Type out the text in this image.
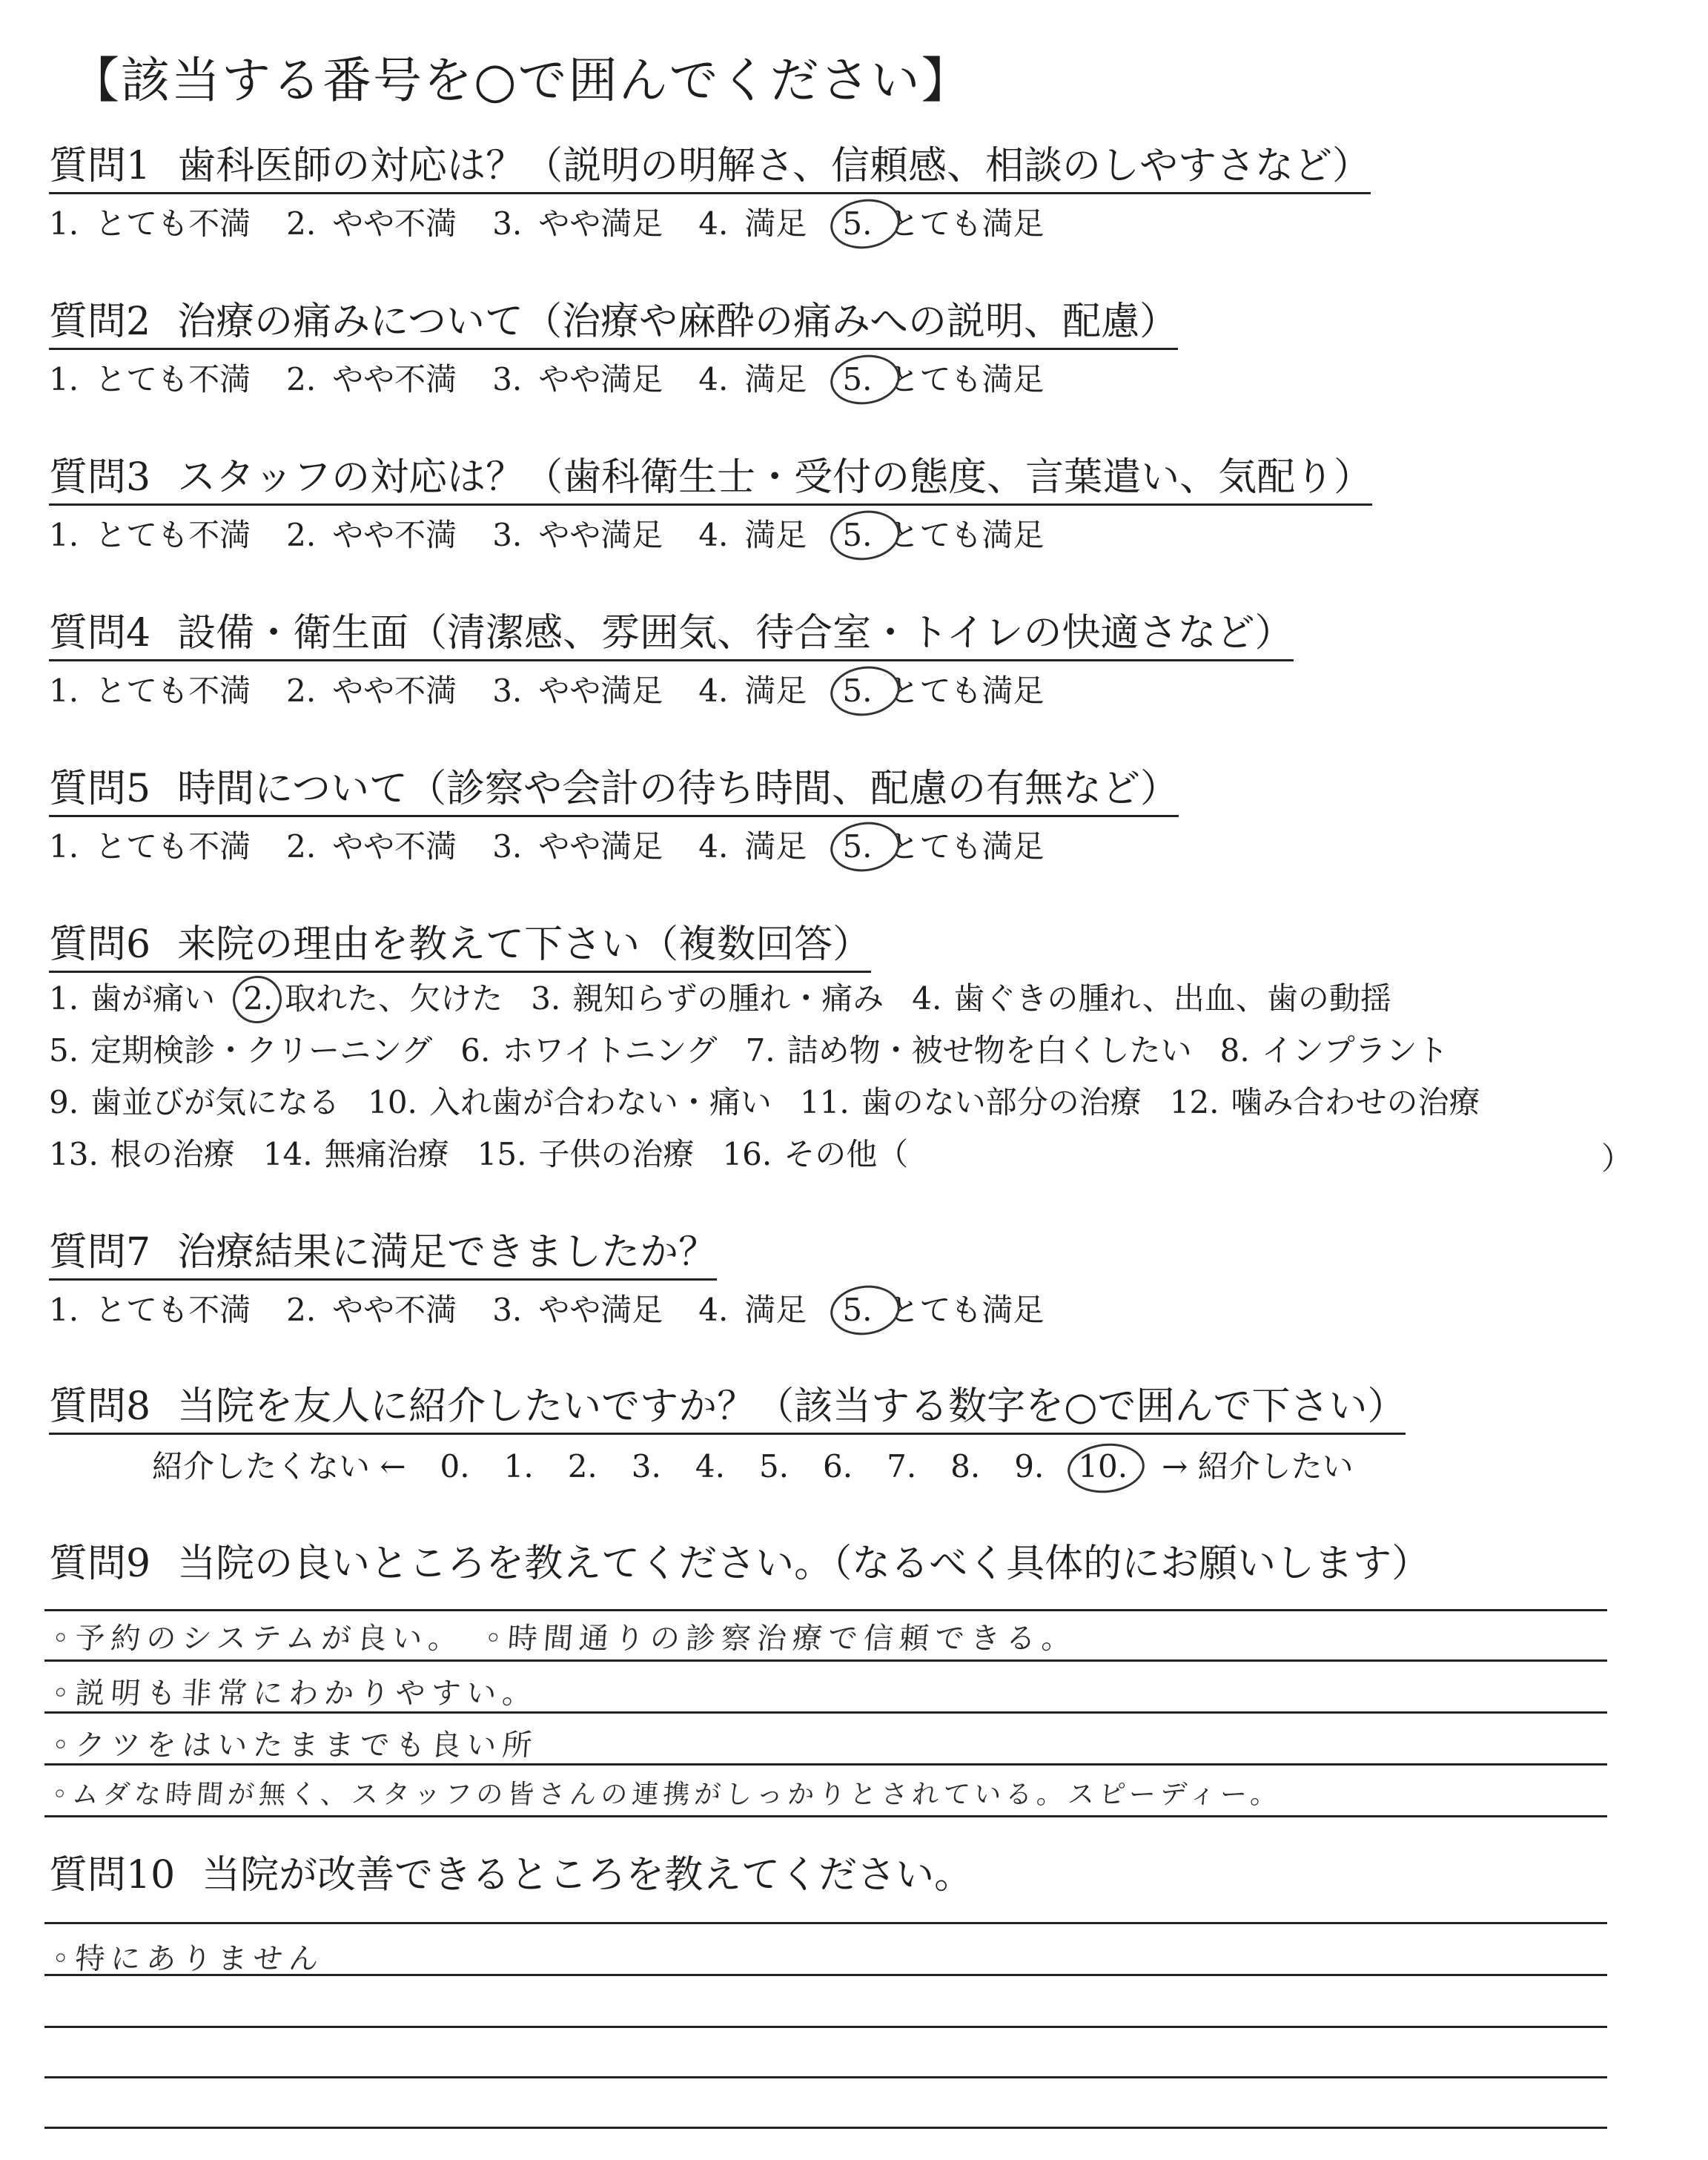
【該当する番号を○で囲んでください】
質問1 歯科医師の対応は？（説明の明解さ、信頼感、相談のしやすさなど）
1. とても不満 2. やや不満 3. やや満足 4. 満足 5. とても満足
質問2 治療の痛みについて（治療や麻酔の痛みへの説明、配慮）
1. とても不満 2. やや不満 3. やや満足 4. 満足 5. とても満足
質問3 スタッフの対応は？（歯科衛生士・受付の態度、言葉遣い、気配り）
1. とても不満 2. やや不満 3. やや満足 4. 満足 5. とても満足
質問4 設備・衛生面（清潔感、雰囲気、待合室・トイレの快適さなど）
1. とても不満 2. やや不満 3. やや満足 4. 満足 5. とても満足
質問5 時間について（診察や会計の待ち時間、配慮の有無など）
1. とても不満 2. やや不満 3. やや満足 4. 満足 5. とても満足
質問6 来院の理由を教えて下さい（複数回答）
1. 歯が痛い 2. 取れた、欠けた 3. 親知らずの腫れ・痛み 4. 歯ぐきの腫れ、出血、歯の動揺
5. 定期検診・クリーニング 6. ホワイトニング 7. 詰め物・被せ物を白くしたい 8. インプラント
9. 歯並びが気になる 10. 入れ歯が合わない・痛い 11. 歯のない部分の治療 12. 噛み合わせの治療
13. 根の治療 14. 無痛治療 15. 子供の治療 16. その他（	）
質問7 治療結果に満足できましたか？
1. とても不満 2. やや不満 3. やや満足 4. 満足 5. とても満足
質問8 当院を友人に紹介したいですか？（該当する数字を○で囲んで下さい）
紹介したくない ← 0. 1. 2. 3. 4. 5. 6. 7. 8. 9. 10. → 紹介したい
質問9 当院の良いところを教えてください。（なるべく具体的にお願いします）
◦予約のシステムが良い。　◦時間通りの診察治療で信頼できる。
◦説明も非常にわかりやすい。
◦クツをはいたままでも良い所
◦ムダな時間が無く、スタッフの皆さんの連携がしっかりとされている。スピーディー。
質問10 当院が改善できるところを教えてください。
◦特にありません
